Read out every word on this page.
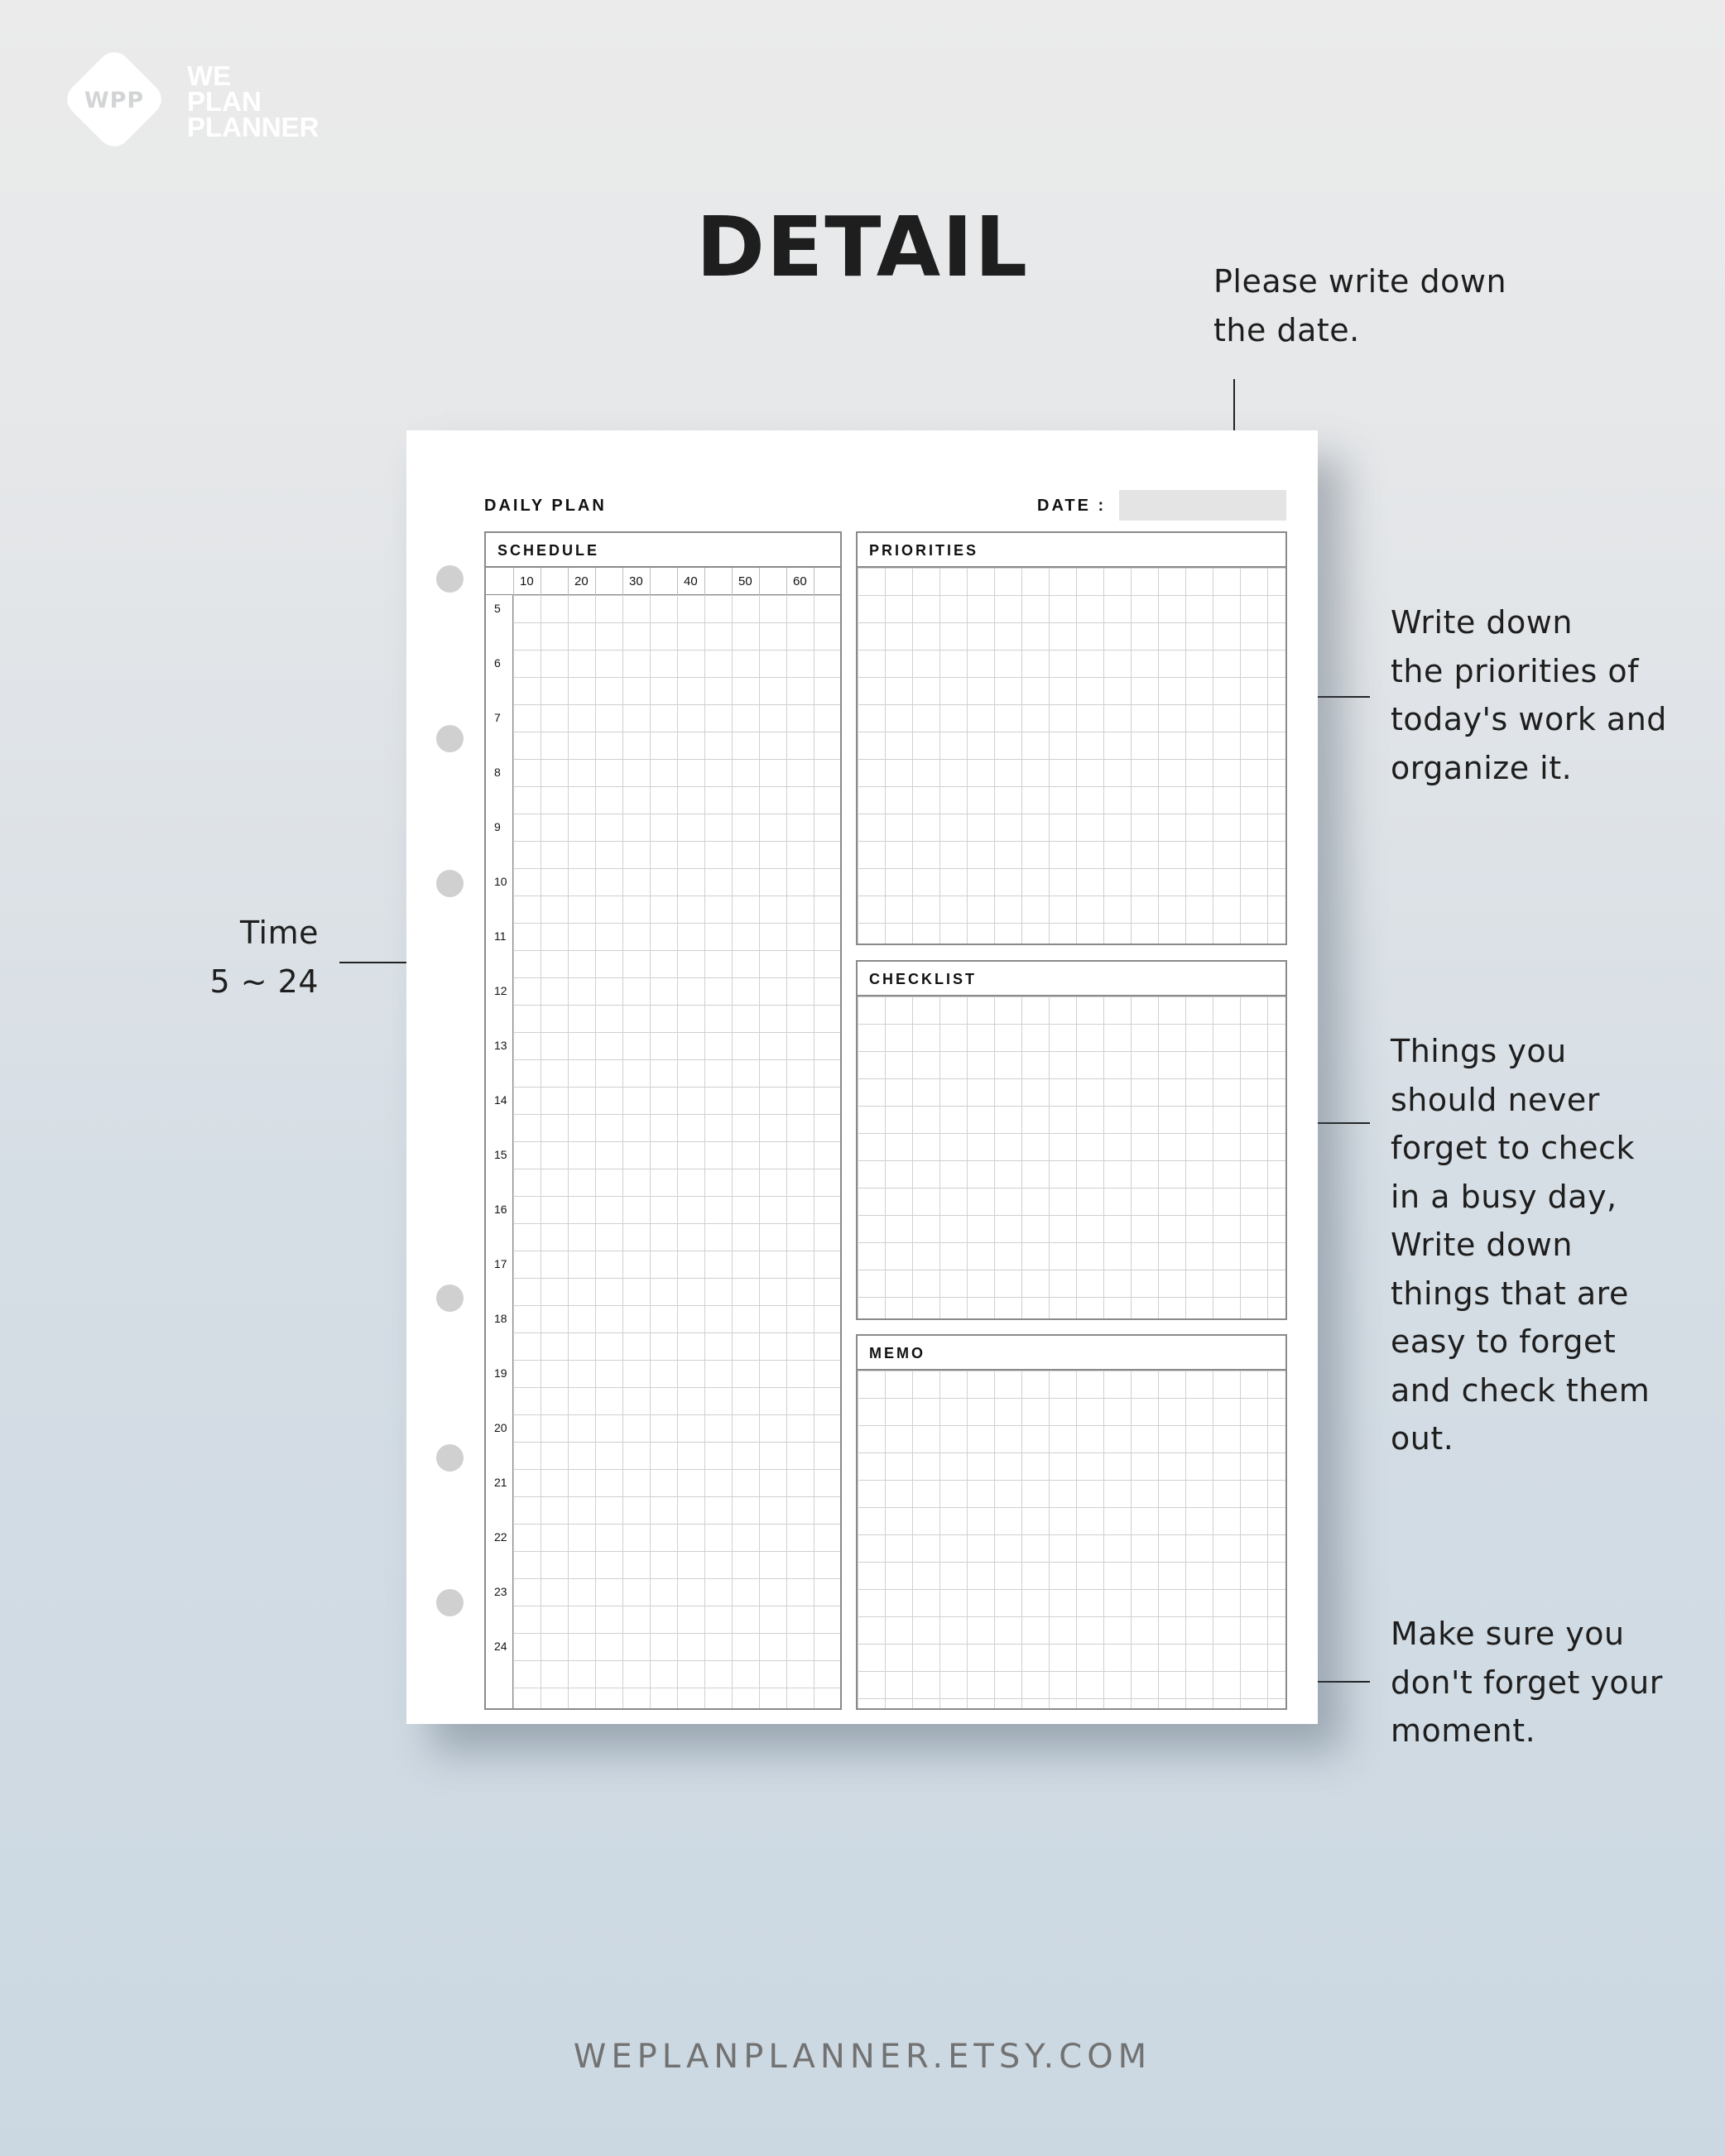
WPP
WE
PLAN
PLANNER
DETAIL	Please write down
the date.
Write down
the priorities of
today's work and
organize it.
Things you
should never
forget to check
in a busy day,
Write down
things that are
easy to forget
and check them
out.
Make sure you
don't forget your
moment.
Time
5 ~ 24
DAILY PLAN	DATE :
SCHEDULE
10	20	30	40	50	60
5
6
7
8
9
10
11
12
13
14
15
16
17
18
19
20
21
22
23
24
PRIORITIES
CHECKLIST
MEMO
WEPLANPLANNER.ETSY.COM
